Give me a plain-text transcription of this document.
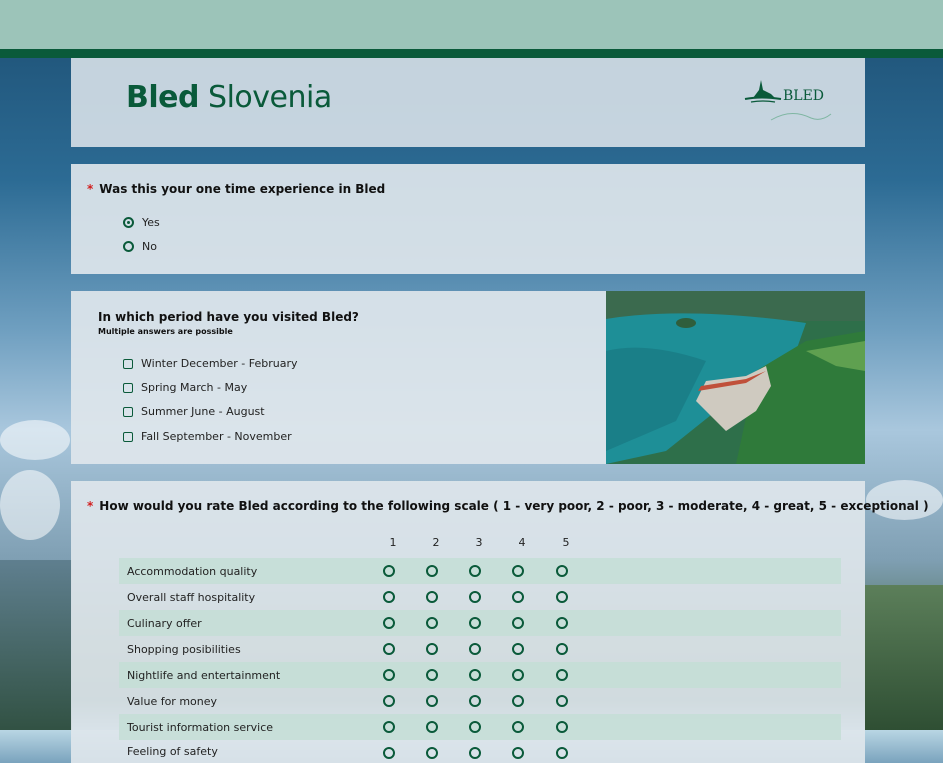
Bled Slovenia	BLED
* Was this your one time experience in Bled
Yes
No
In which period have you visited Bled?
Multiple answers are possible
Winter December - February
Spring March - May
Summer June - August
Fall September - November
* How would you rate Bled according to the following scale ( 1 - very poor, 2 - poor, 3 - moderate, 4 - great, 5 - exceptional )
1	2	3	4	5
Accommodation quality
Overall staff hospitality
Culinary offer
Shopping posibilities
Nightlife and entertainment
Value for money
Tourist information service
Feeling of safety
